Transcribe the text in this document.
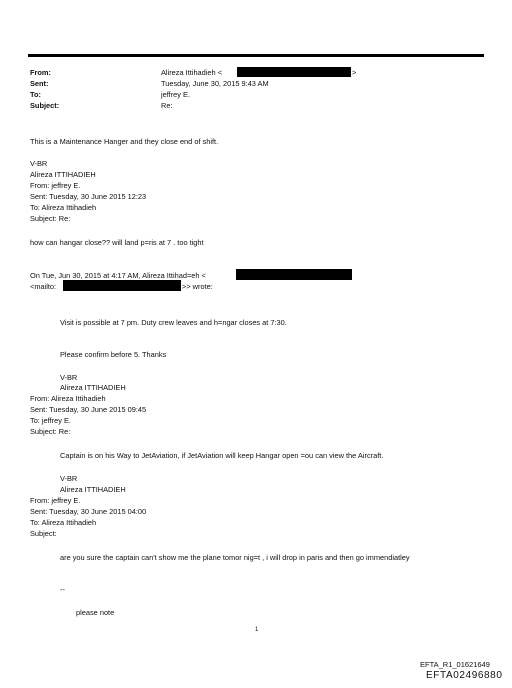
From:
Sent:
To:
Subject:
Alireza Ittihadieh <	>
Tuesday, June 30, 2015 9:43 AM
jeffrey E.
Re:
This is a Maintenance Hanger and they close end of shift.
V-BR
Alireza ITTIHADIEH
From: jeffrey E.
Sent: Tuesday, 30 June 2015 12:23
To: Alireza Ittihadieh
Subject: Re:
how can hangar close?? will land p=ris at 7 . too tight
On Tue, Jun 30, 2015 at 4:17 AM, Alireza Ittihad=eh <
<mailto:	>> wrote:
Visit is possible at 7 pm. Duty crew leaves and h=ngar closes at 7:30.
Please confirm before 5. Thanks
V-BR
Alireza ITTIHADIEH
From: Alireza Ittihadieh
Sent: Tuesday, 30 June 2015 09:45
To: jeffrey E.
Subject: Re:
Captain is on his Way to JetAviation, if JetAviation will keep Hangar open =ou can view the Aircraft.
V-BR
Alireza ITTIHADIEH
From: jeffrey E.
Sent: Tuesday, 30 June 2015 04:00
To: Alireza Ittihadieh
Subject:
are you sure the captain can't show me the plane tomor nig=t , i will drop in paris and then go immendiatley
--
please note
1
EFTA_R1_01621649
EFTA02496880
